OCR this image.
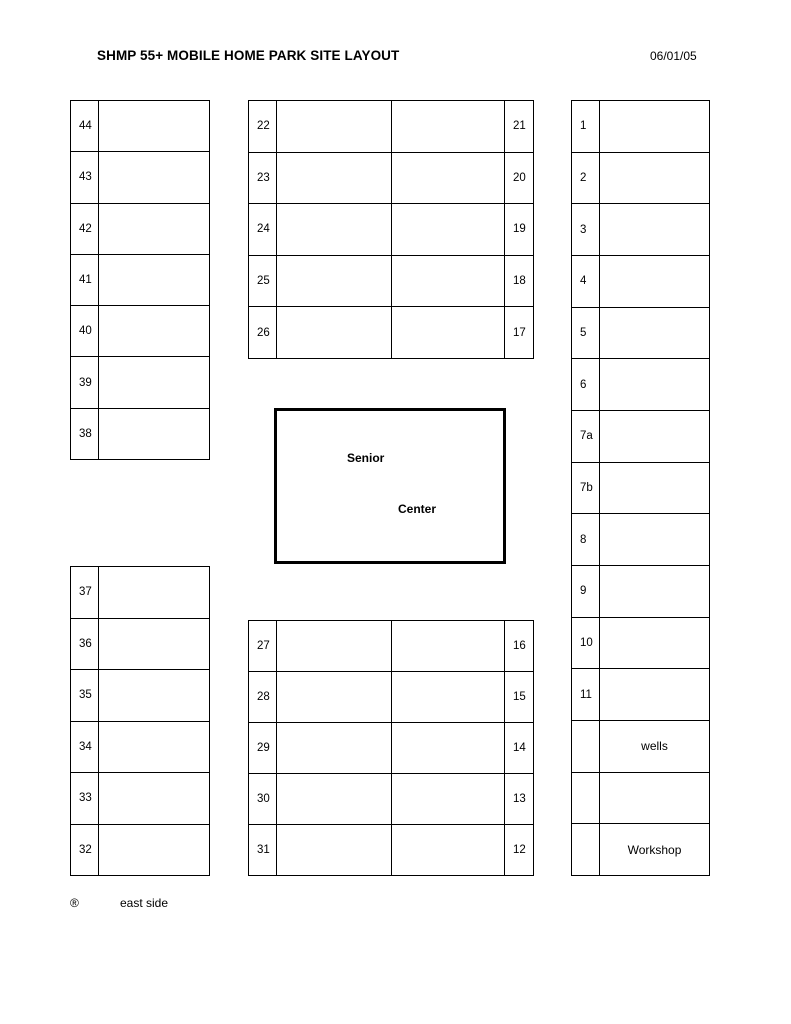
SHMP 55+ MOBILE HOME PARK SITE LAYOUT	06/01/05
44
43
42
41
40
39
38
37
36
35
34
33
32
22	21
23	20
24	19
25	18
26	17
27	16
28	15
29	14
30	13
31	12
1
2
3
4
5
6
7a
7b
8
9
10
11
wells
Workshop
Senior
Center
®	east side
